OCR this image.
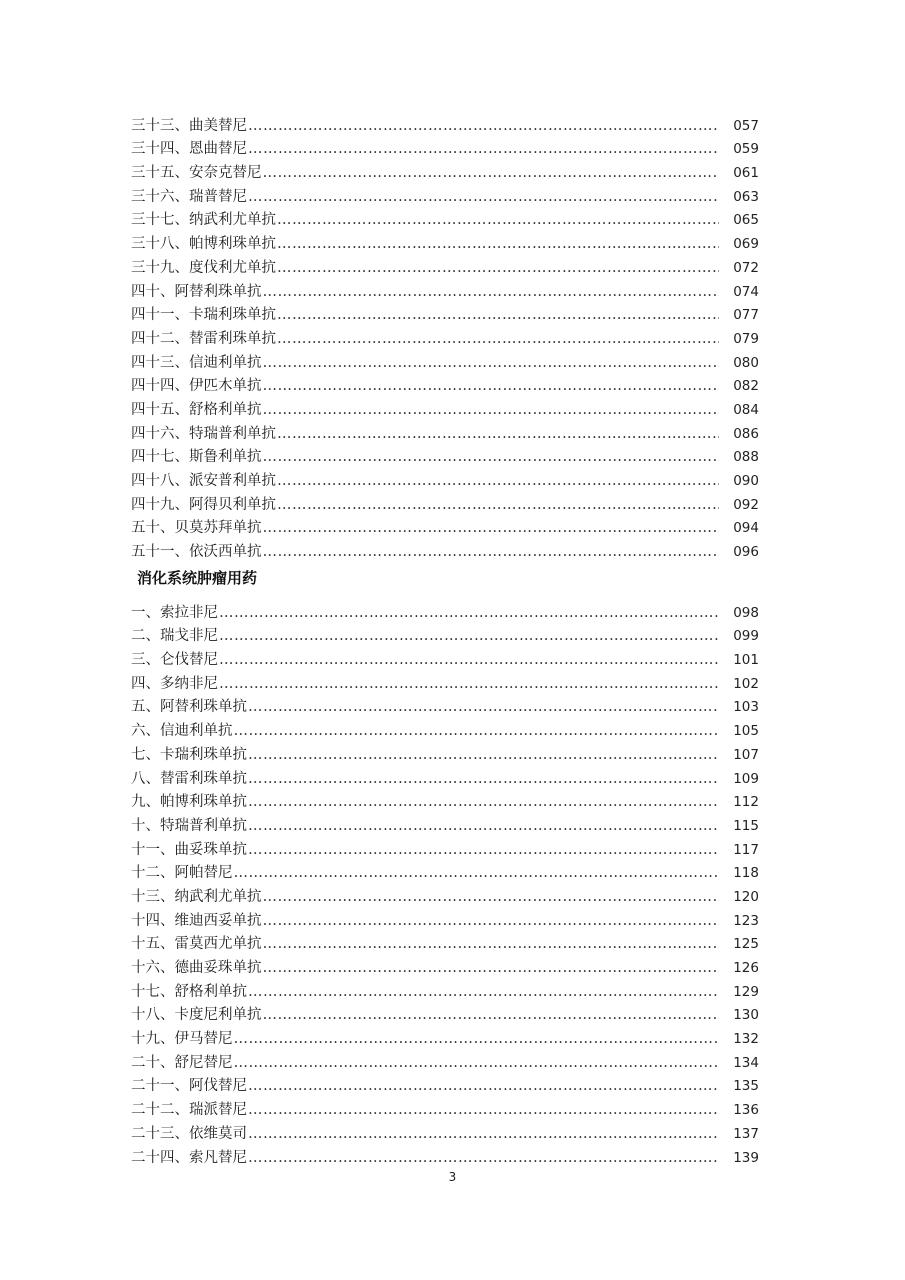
三十三、曲美替尼 ……………………………………………………………………………………………………………………………………………………………………………………………………	057
三十四、恩曲替尼 ……………………………………………………………………………………………………………………………………………………………………………………………………	059
三十五、安奈克替尼 ……………………………………………………………………………………………………………………………………………………………………………………………………	061
三十六、瑞普替尼 ……………………………………………………………………………………………………………………………………………………………………………………………………	063
三十七、纳武利尤单抗 ……………………………………………………………………………………………………………………………………………………………………………………………………	065
三十八、帕博利珠单抗 ……………………………………………………………………………………………………………………………………………………………………………………………………	069
三十九、度伐利尤单抗 ……………………………………………………………………………………………………………………………………………………………………………………………………	072
四十、阿替利珠单抗 ……………………………………………………………………………………………………………………………………………………………………………………………………	074
四十一、卡瑞利珠单抗 ……………………………………………………………………………………………………………………………………………………………………………………………………	077
四十二、替雷利珠单抗 ……………………………………………………………………………………………………………………………………………………………………………………………………	079
四十三、信迪利单抗 ……………………………………………………………………………………………………………………………………………………………………………………………………	080
四十四、伊匹木单抗 ……………………………………………………………………………………………………………………………………………………………………………………………………	082
四十五、舒格利单抗 ……………………………………………………………………………………………………………………………………………………………………………………………………	084
四十六、特瑞普利单抗 ……………………………………………………………………………………………………………………………………………………………………………………………………	086
四十七、斯鲁利单抗 ……………………………………………………………………………………………………………………………………………………………………………………………………	088
四十八、派安普利单抗 ……………………………………………………………………………………………………………………………………………………………………………………………………	090
四十九、阿得贝利单抗 ……………………………………………………………………………………………………………………………………………………………………………………………………	092
五十、贝莫苏拜单抗 ……………………………………………………………………………………………………………………………………………………………………………………………………	094
五十一、依沃西单抗 ……………………………………………………………………………………………………………………………………………………………………………………………………	096
消化系统肿瘤用药
一、索拉非尼 ……………………………………………………………………………………………………………………………………………………………………………………………………	098
二、瑞戈非尼 ……………………………………………………………………………………………………………………………………………………………………………………………………	099
三、仑伐替尼 ……………………………………………………………………………………………………………………………………………………………………………………………………	101
四、多纳非尼 ……………………………………………………………………………………………………………………………………………………………………………………………………	102
五、阿替利珠单抗 ……………………………………………………………………………………………………………………………………………………………………………………………………	103
六、信迪利单抗 ……………………………………………………………………………………………………………………………………………………………………………………………………	105
七、卡瑞利珠单抗 ……………………………………………………………………………………………………………………………………………………………………………………………………	107
八、替雷利珠单抗 ……………………………………………………………………………………………………………………………………………………………………………………………………	109
九、帕博利珠单抗 ……………………………………………………………………………………………………………………………………………………………………………………………………	112
十、特瑞普利单抗 ……………………………………………………………………………………………………………………………………………………………………………………………………	115
十一、曲妥珠单抗 ……………………………………………………………………………………………………………………………………………………………………………………………………	117
十二、阿帕替尼 ……………………………………………………………………………………………………………………………………………………………………………………………………	118
十三、纳武利尤单抗 ……………………………………………………………………………………………………………………………………………………………………………………………………	120
十四、维迪西妥单抗 ……………………………………………………………………………………………………………………………………………………………………………………………………	123
十五、雷莫西尤单抗 ……………………………………………………………………………………………………………………………………………………………………………………………………	125
十六、德曲妥珠单抗 ……………………………………………………………………………………………………………………………………………………………………………………………………	126
十七、舒格利单抗 ……………………………………………………………………………………………………………………………………………………………………………………………………	129
十八、卡度尼利单抗 ……………………………………………………………………………………………………………………………………………………………………………………………………	130
十九、伊马替尼 ……………………………………………………………………………………………………………………………………………………………………………………………………	132
二十、舒尼替尼 ……………………………………………………………………………………………………………………………………………………………………………………………………	134
二十一、阿伐替尼 ……………………………………………………………………………………………………………………………………………………………………………………………………	135
二十二、瑞派替尼 ……………………………………………………………………………………………………………………………………………………………………………………………………	136
二十三、依维莫司 ……………………………………………………………………………………………………………………………………………………………………………………………………	137
二十四、索凡替尼 ……………………………………………………………………………………………………………………………………………………………………………………………………	139
3
